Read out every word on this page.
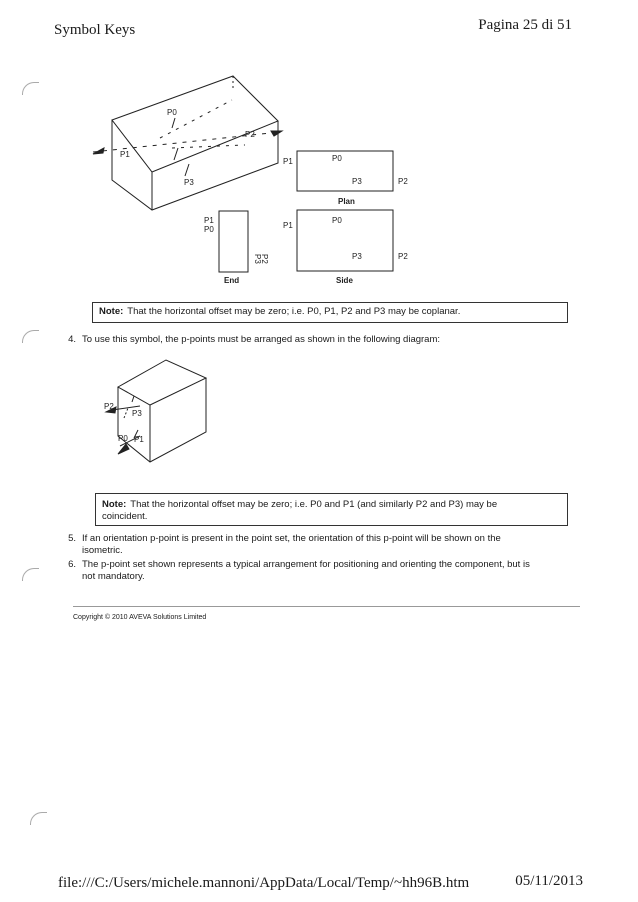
Symbol Keys	Pagina 25 di 51
P0
P1
P2
P3
P1	P0
P3	P2
Plan
P1
P0
P3	P2
Side
P1
P0
P2
P3
End
Note: That the horizontal offset may be zero; i.e. P0, P1, P2 and P3 may be coplanar.
4. To use this symbol, the p-points must be arranged as shown in the following diagram:
P2
P3
P0 P1
Note: That the horizontal offset may be zero; i.e. P0 and P1 (and similarly P2 and P3) may be
coincident.
5. If an orientation p-point is present in the point set, the orientation of this p-point will be shown on the
isometric.
6. The p-point set shown represents a typical arrangement for positioning and orienting the component, but is
not mandatory.
Copyright © 2010 AVEVA Solutions Limited
file:///C:/Users/michele.mannoni/AppData/Local/Temp/~hh96B.htm	05/11/2013
